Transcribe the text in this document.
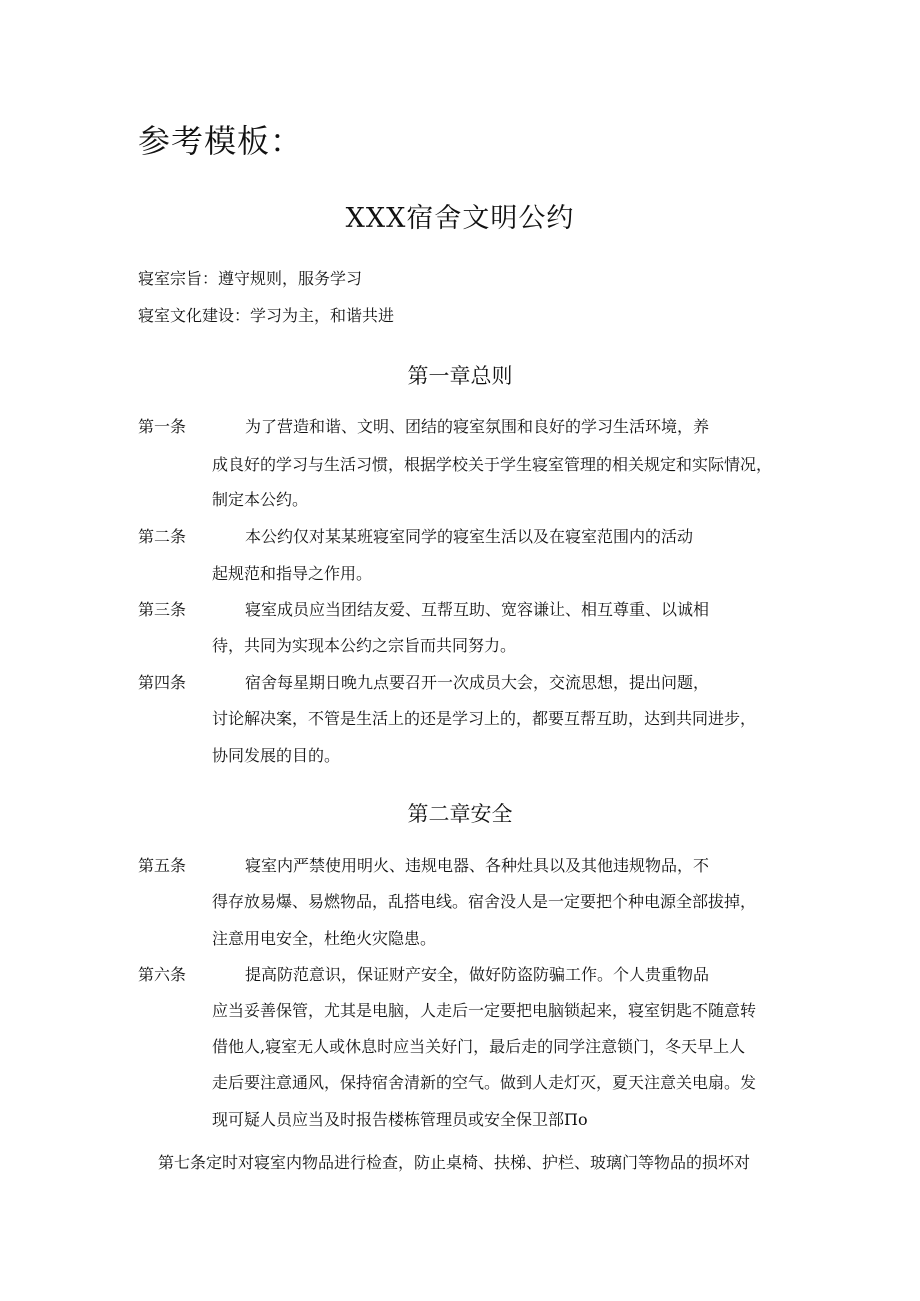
参考模板：
XXX宿舍文明公约
寝室宗旨：遵守规则，服务学习
寝室文化建设：学习为主，和谐共进
第一章总则
第一条	为了营造和谐、文明、团结的寝室氛围和良好的学习生活环境，养
成良好的学习与生活习惯，根据学校关于学生寝室管理的相关规定和实际情况，
制定本公约。
第二条	本公约仅对某某班寝室同学的寝室生活以及在寝室范围内的活动
起规范和指导之作用。
第三条	寝室成员应当团结友爱、互帮互助、宽容谦让、相互尊重、以诚相
待，共同为实现本公约之宗旨而共同努力。
第四条	宿舍每星期日晚九点要召开一次成员大会，交流思想，提出问题，
讨论解决案，不管是生活上的还是学习上的，都要互帮互助，达到共同进步，
协同发展的目的。
第二章安全
第五条	寝室内严禁使用明火、违规电器、各种灶具以及其他违规物品，不
得存放易爆、易燃物品，乱搭电线。宿舍没人是一定要把个种电源全部拔掉，
注意用电安全，杜绝火灾隐患。
第六条	提高防范意识，保证财产安全，做好防盗防骗工作。个人贵重物品
应当妥善保管，尤其是电脑，人走后一定要把电脑锁起来，寝室钥匙不随意转
借他人,寝室无人或休息时应当关好门，最后走的同学注意锁门，冬天早上人
走后要注意通风，保持宿舍清新的空气。做到人走灯灭，夏天注意关电扇。发
现可疑人员应当及时报告楼栋管理员或安全保卫部Πo
第七条定时对寝室内物品进行检查，防止桌椅、扶梯、护栏、玻璃门等物品的损坏对
